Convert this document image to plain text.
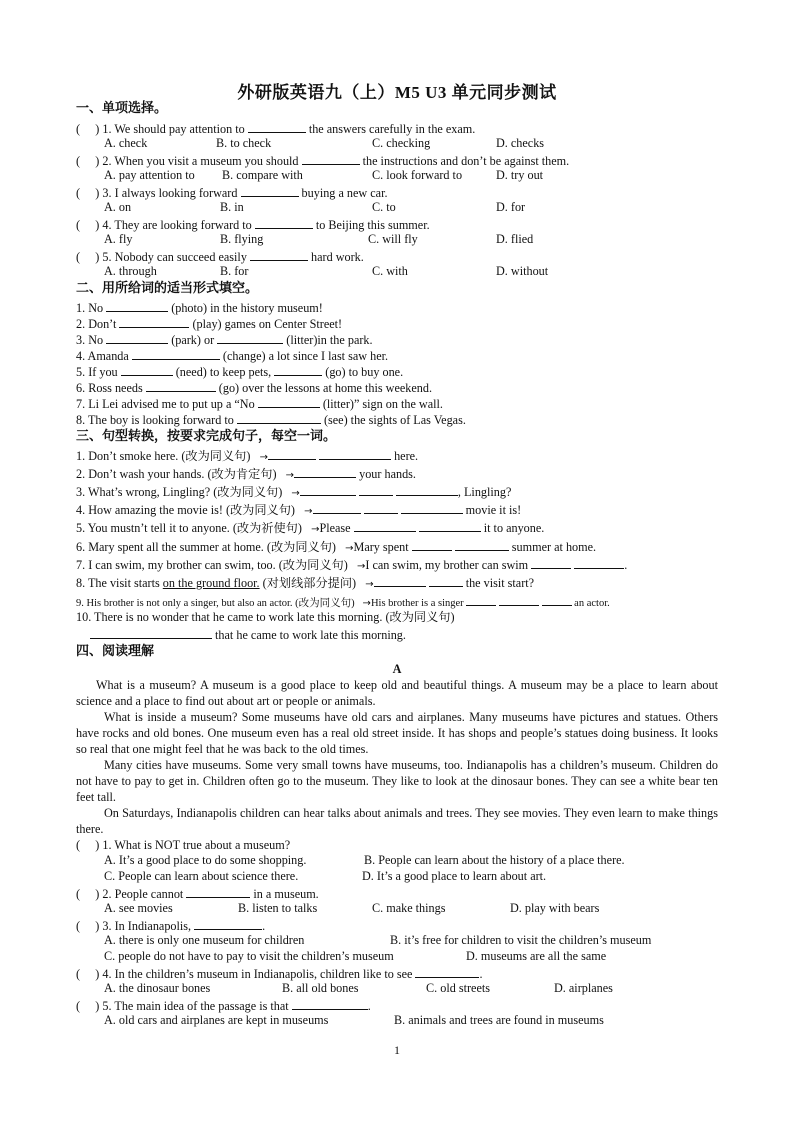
外研版英语九（上）M5 U3 单元同步测试
一、单项选择。
( ) 1. We should pay attention to	the answers carefully in the exam.
A. check	B. to check	C. checking	D. checks
( ) 2. When you visit a museum you should	the instructions and don’t be against them.
A. pay attention to B. compare with	C. look forward to	D. try out
( ) 3. I always looking forward	buying a new car.
A. on	B. in	C. to	D. for
( ) 4. They are looking forward to	to Beijing this summer.
A. fly	B. flying	C. will fly	D. flied
( ) 5. Nobody can succeed easily	hard work.
A. through	B. for	C. with	D. without
二、用所给词的适当形式填空。
1. No	(photo) in the history museum!
2. Don’t	(play) games on Center Street!
3. No	(park) or	(litter)in the park.
4. Amanda	(change) a lot since I last saw her.
5. If you	(need) to keep pets,	(go) to buy one.
6. Ross needs	(go) over the lessons at home this weekend.
7. Li Lei advised me to put up a “No	(litter)” sign on the wall.
8. The boy is looking forward to	(see) the sights of Las Vegas.
三、句型转换，按要求完成句子，每空一词。
1. Don’t smoke here. (改为同义句) →	here.
2. Don’t wash your hands. (改为肯定句) →	your hands.
3. What’s wrong, Lingling? (改为同义句) →	, Lingling?
4. How amazing the movie is! (改为同义句) →	movie it is!
5. You mustn’t tell it to anyone. (改为祈使句) →Please	it to anyone.
6. Mary spent all the summer at home. (改为同义句) →Mary spent	summer at home.
7. I can swim, my brother can swim, too. (改为同义句) →I can swim, my brother can swim	.
8. The visit starts on the ground floor. (对划线部分提问) →	the visit start?
9. His brother is not only a singer, but also an actor. (改为同义句) →His brother is a singer	an actor.
10. There is no wonder that he came to work late this morning. (改为同义句)
that he came to work late this morning.
四、阅读理解
A
What is a museum? A museum is a good place to keep old and beautiful things. A museum may be a place to learn about science and a place to find out about art or people or animals.
What is inside a museum? Some museums have old cars and airplanes. Many museums have pictures and statues. Others have rocks and old bones. One museum even has a real old street inside. It has shops and people’s statues doing business. It looks so real that one might feel that he was back to the old times.
Many cities have museums. Some very small towns have museums, too. Indianapolis has a children’s museum. Children do not have to pay to get in. Children often go to the museum. They like to look at the dinosaur bones. They can see a white bear ten feet tall.
On Saturdays, Indianapolis children can hear talks about animals and trees. They see movies. They even learn to make things there.
( ) 1. What is NOT true about a museum?
A. It’s a good place to do some shopping.	B. People can learn about the history of a place there.
C. People can learn about science there.	D. It’s a good place to learn about art.
( ) 2. People cannot	in a museum.
A. see movies	B. listen to talks	C. make things	D. play with bears
( ) 3. In Indianapolis,	.
A. there is only one museum for children	B. it’s free for children to visit the children’s museum
C. people do not have to pay to visit the children’s museum	D. museums are all the same
( ) 4. In the children’s museum in Indianapolis, children like to see	.
A. the dinosaur bones	B. all old bones	C. old streets	D. airplanes
( ) 5. The main idea of the passage is that	.
A. old cars and airplanes are kept in museums	B. animals and trees are found in museums
1
